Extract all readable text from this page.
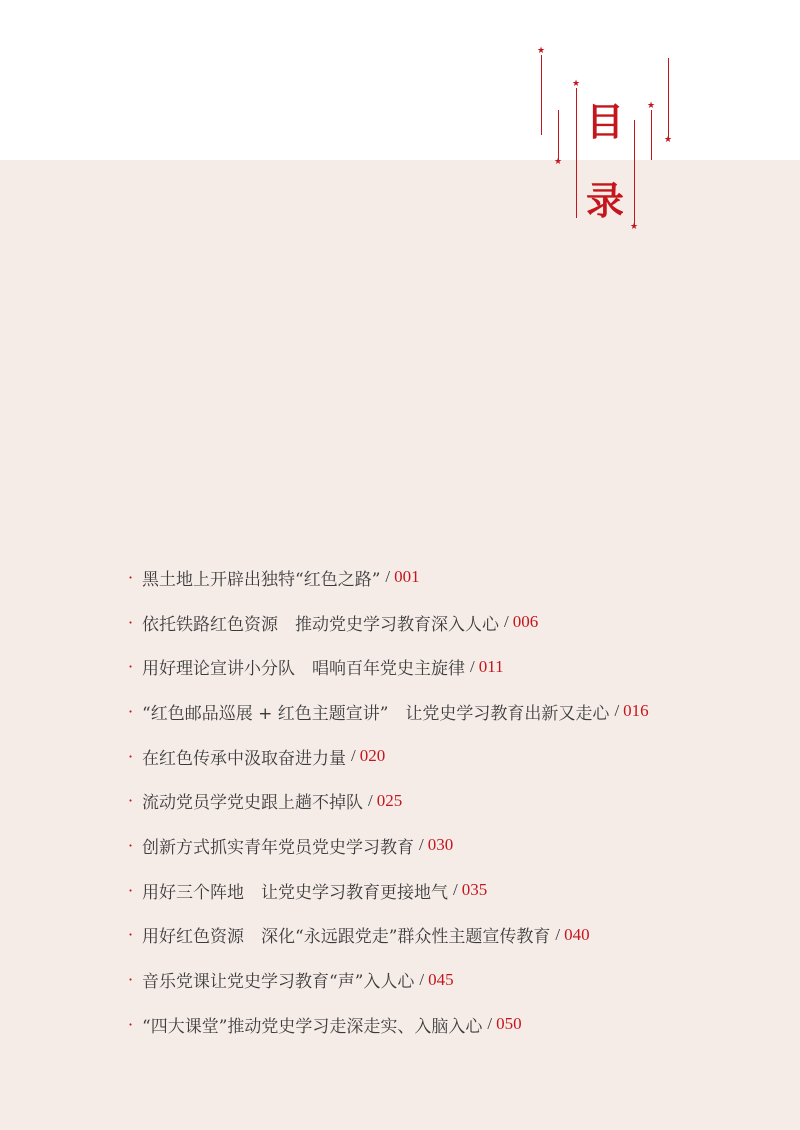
★
★
★
★
★
★
目
录
· 黑土地上开辟出独特“红色之路” / 001
· 依托铁路红色资源　推动党史学习教育深入人心 / 006
· 用好理论宣讲小分队　唱响百年党史主旋律 / 011
· “红色邮品巡展 + 红色主题宣讲”　让党史学习教育出新又走心 / 016
· 在红色传承中汲取奋进力量 / 020
· 流动党员学党史跟上趟不掉队 / 025
· 创新方式抓实青年党员党史学习教育 / 030
· 用好三个阵地　让党史学习教育更接地气 / 035
· 用好红色资源　深化“永远跟党走”群众性主题宣传教育 / 040
· 音乐党课让党史学习教育“声”入人心 / 045
· “四大课堂”推动党史学习走深走实、入脑入心 / 050
